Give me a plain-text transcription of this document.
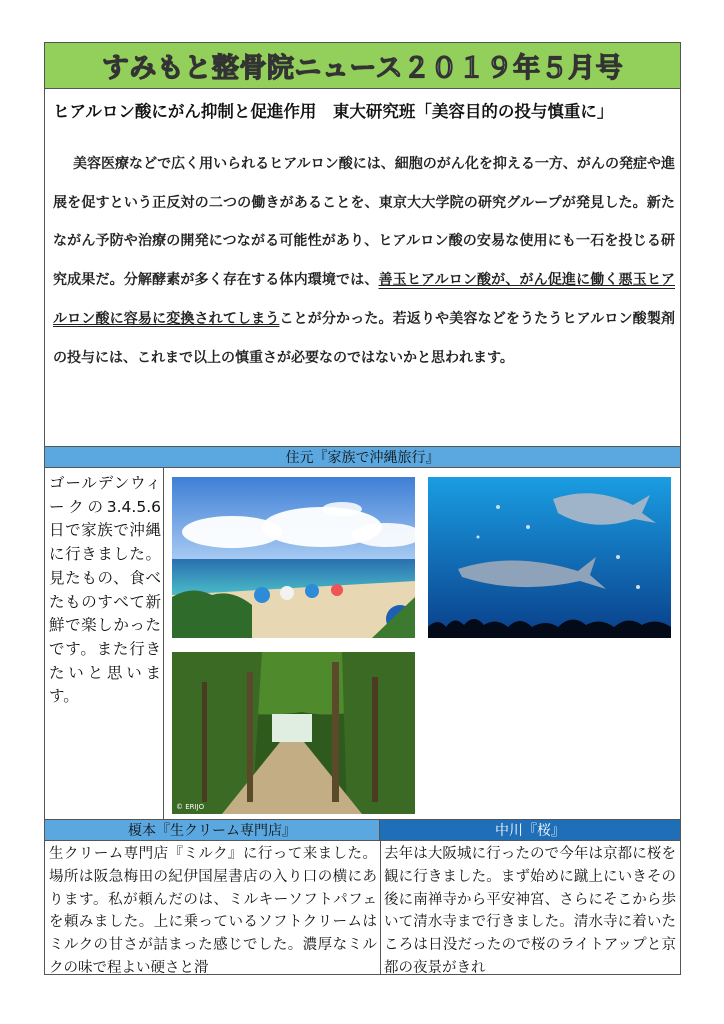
すみもと整骨院ニュース２０１９年５月号
ヒアルロン酸にがん抑制と促進作用　東大研究班「美容目的の投与慎重に」

美容医療などで広く用いられるヒアルロン酸には、細胞のがん化を抑える一方、がんの発症や進展を促すという正反対の二つの働きがあることを、東京大大学院の研究グループが発見した。新たながん予防や治療の開発につながる可能性があり、ヒアルロン酸の安易な使用にも一石を投じる研究成果だ。分解酵素が多く存在する体内環境では、善玉ヒアルロン酸が、がん促進に働く悪玉ヒアルロン酸に容易に変換されてしまうことが分かった。若返りや美容などをうたうヒアルロン酸製剤の投与には、これまで以上の慎重さが必要なのではないかと思われます。

住元『家族で沖縄旅行』
ゴールデンウィークの3.4.5.6日で家族で沖縄に行きました。見たもの、食べたものすべて新鮮で楽しかったです。また行きたいと思います。
© ERIJO
榎本『生クリーム専門店』	中川『桜』
生クリーム専門店『ミルク』に行って来ました。場所は阪急梅田の紀伊国屋書店の入り口の横にあります。私が頼んだのは、ミルキーソフトパフェを頼みました。上に乗っているソフトクリームはミルクの甘さが詰まった感じでした。濃厚なミルクの味で程よい硬さと滑
去年は大阪城に行ったので今年は京都に桜を観に行きました。まず始めに蹴上にいきその後に南禅寺から平安神宮、さらにそこから歩いて清水寺まで行きました。清水寺に着いたころは日没だったので桜のライトアップと京都の夜景がきれ
